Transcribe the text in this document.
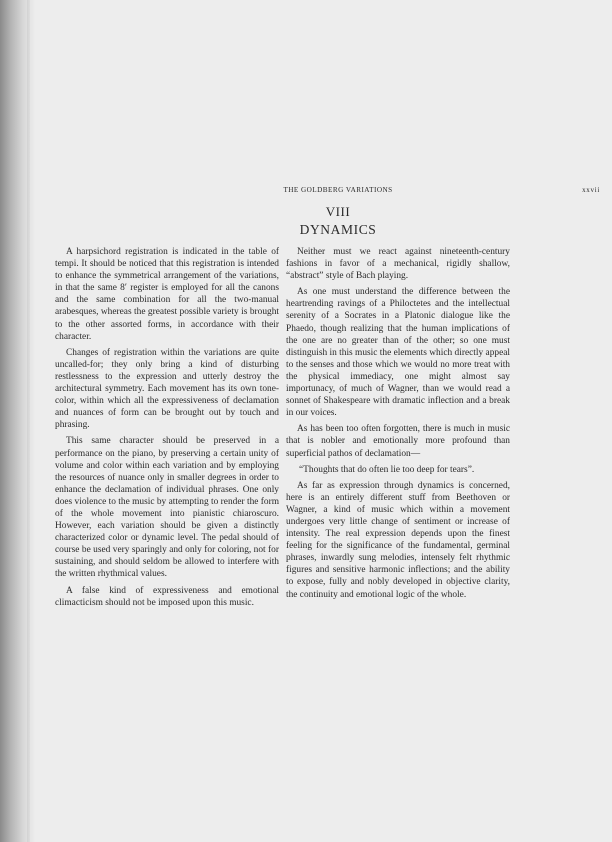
THE GOLDBERG VARIATIONS	xxvii
VIII
DYNAMICS

A harpsichord registration is indicated in the table of tempi. It should be noticed that this registration is intended to enhance the symmetrical arrangement of the variations, in that the same 8′ register is employed for all the canons and the same combination for all the two-manual arabesques, whereas the greatest possible variety is brought to the other assorted forms, in accordance with their character.

Changes of registration within the variations are quite uncalled-for; they only bring a kind of disturbing restlessness to the expression and utterly destroy the architectural symmetry. Each movement has its own tone-color, within which all the expressiveness of declamation and nuances of form can be brought out by touch and phrasing.

This same character should be preserved in a performance on the piano, by preserving a certain unity of volume and color within each variation and by employing the resources of nuance only in smaller degrees in order to enhance the declamation of individual phrases. One only does violence to the music by attempting to render the form of the whole movement into pianistic chiaroscuro. However, each variation should be given a distinctly characterized color or dynamic level. The pedal should of course be used very sparingly and only for coloring, not for sustaining, and should seldom be allowed to interfere with the written rhythmical values.

A false kind of expressiveness and emotional climacticism should not be imposed upon this music.

Neither must we react against nineteenth-century fashions in favor of a mechanical, rigidly shallow, “abstract” style of Bach playing.

As one must understand the difference between the heartrending ravings of a Philoctetes and the intellectual serenity of a Socrates in a Platonic dialogue like the Phaedo, though realizing that the human implications of the one are no greater than of the other; so one must distinguish in this music the elements which directly appeal to the senses and those which we would no more treat with the physical immediacy, one might almost say importunacy, of much of Wagner, than we would read a sonnet of Shakespeare with dramatic inflection and a break in our voices.

As has been too often forgotten, there is much in music that is nobler and emotionally more profound than superficial pathos of declamation—

“Thoughts that do often lie too deep for tears”.

As far as expression through dynamics is concerned, here is an entirely different stuff from Beethoven or Wagner, a kind of music which within a movement undergoes very little change of sentiment or increase of intensity. The real expression depends upon the finest feeling for the significance of the fundamental, germinal phrases, inwardly sung melodies, intensely felt rhythmic figures and sensitive harmonic inflections; and the ability to expose, fully and nobly developed in objective clarity, the continuity and emotional logic of the whole.
